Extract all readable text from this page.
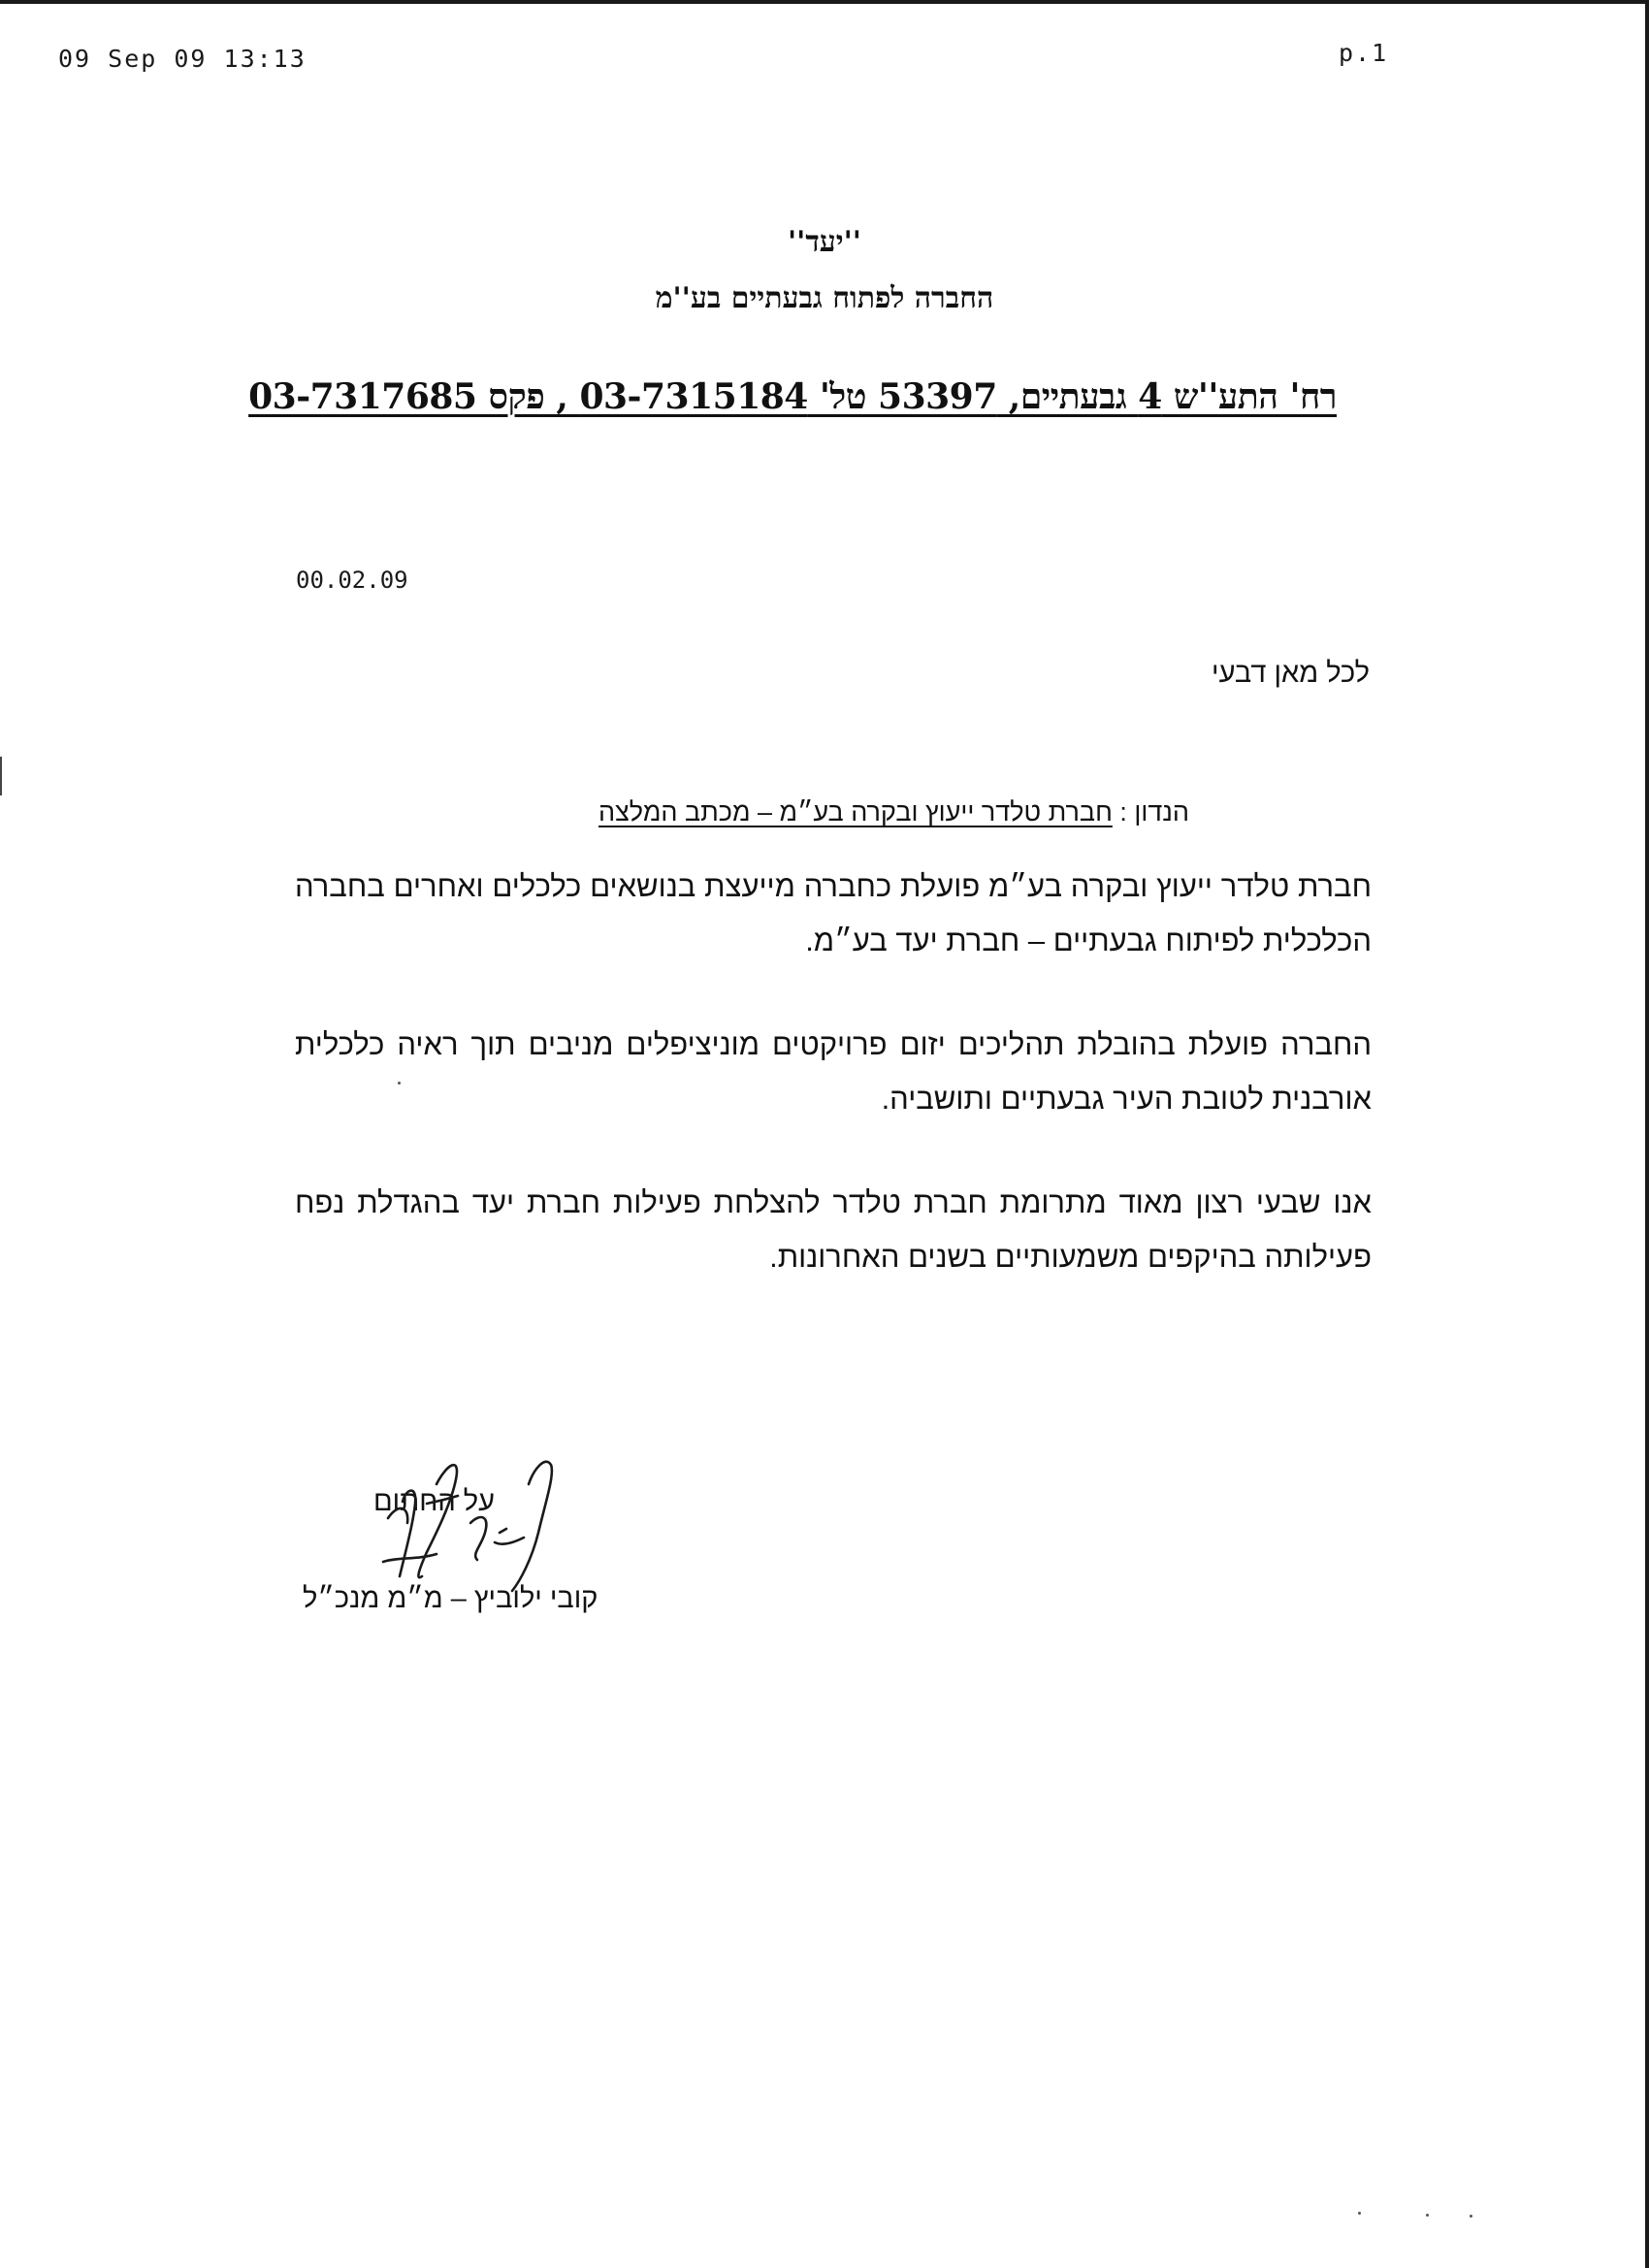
09 Sep 09 13:13	p.1
''יעד''
החברה לפתוח גבעתיים בע''מ
רח' התע''ש 4 גבעתיים, 53397 טל' 03-7315184 , פקס 03-7317685
00.02.09
לכל מאן דבעי
הנדון : חברת טלדר ייעוץ ובקרה בע״מ – מכתב המלצה
חברת טלדר ייעוץ ובקרה בע״מ פועלת כחברה מייעצת בנושאים כלכלים ואחרים בחברה הכלכלית לפיתוח גבעתיים – חברת יעד בע״מ.
החברה פועלת בהובלת תהליכים יזום פרויקטים מוניציפלים מניבים תוך ראיה כלכלית אורבנית לטובת העיר גבעתיים ותושביה.
אנו שבעי רצון מאוד מתרומת חברת טלדר להצלחת פעילות חברת יעד בהגדלת נפח פעילותה בהיקפים משמעותיים בשנים האחרונות.
על החתום
קובי ילוביץ – מ״מ מנכ״ל
